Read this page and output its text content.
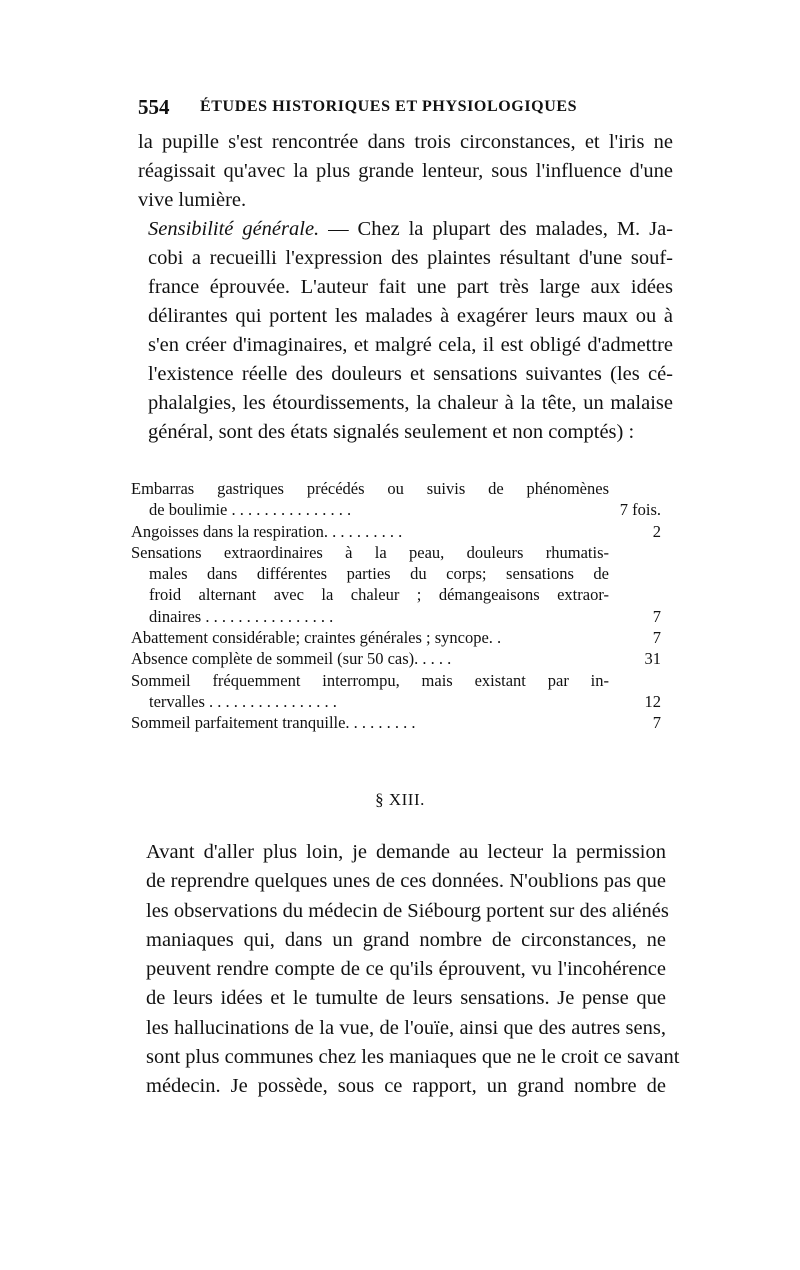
554 ÉTUDES HISTORIQUES ET PHYSIOLOGIQUES
la pupille s'est rencontrée dans trois circonstances, et l'iris ne
réagissait qu'avec la plus grande lenteur, sous l'influence d'une
vive lumière.
Sensibilité générale. — Chez la plupart des malades, M. Ja-
cobi a recueilli l'expression des plaintes résultant d'une souf-
france éprouvée. L'auteur fait une part très large aux idées
délirantes qui portent les malades à exagérer leurs maux ou à
s'en créer d'imaginaires, et malgré cela, il est obligé d'admettre
l'existence réelle des douleurs et sensations suivantes (les cé-
phalalgies, les étourdissements, la chaleur à la tête, un malaise
général, sont des états signalés seulement et non comptés) :
Embarras gastriques précédés ou suivis de phénomènes
de boulimie . . . . . . . . . . . . . . .	7 fois.
Angoisses dans la respiration. . . . . . . . . .	2
Sensations extraordinaires à la peau, douleurs rhumatis-
males dans différentes parties du corps; sensations de
froid alternant avec la chaleur ; démangeaisons extraor-
dinaires . . . . . . . . . . . . . . . .	7
Abattement considérable; craintes générales ; syncope. .	7
Absence complète de sommeil (sur 50 cas). . . . .	31
Sommeil fréquemment interrompu, mais existant par in-
tervalles . . . . . . . . . . . . . . . .	12
Sommeil parfaitement tranquille. . . . . . . . .	7
§ XIII.
Avant d'aller plus loin, je demande au lecteur la permission
de reprendre quelques unes de ces données. N'oublions pas que
les observations du médecin de Siébourg portent sur des aliénés
maniaques qui, dans un grand nombre de circonstances, ne
peuvent rendre compte de ce qu'ils éprouvent, vu l'incohérence
de leurs idées et le tumulte de leurs sensations. Je pense que
les hallucinations de la vue, de l'ouïe, ainsi que des autres sens,
sont plus communes chez les maniaques que ne le croit ce savant
médecin. Je possède, sous ce rapport, un grand nombre de
